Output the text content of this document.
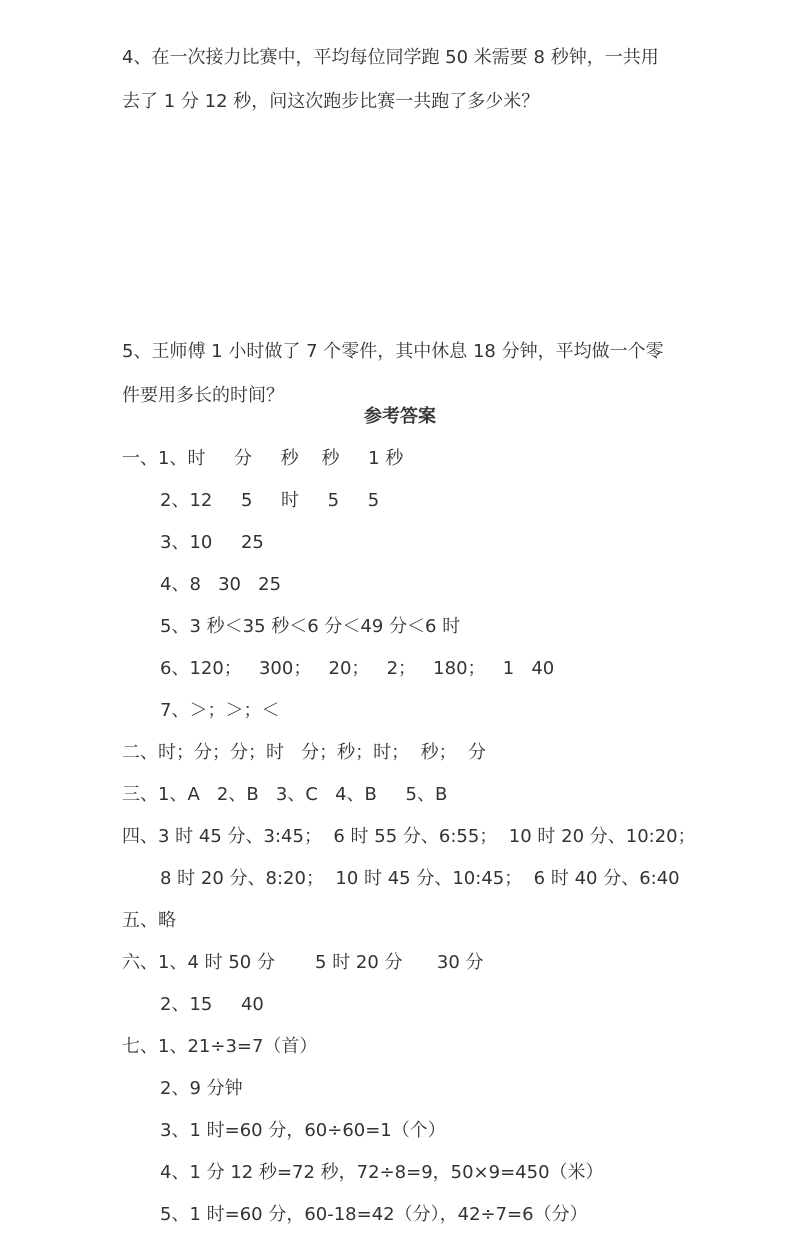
4、在一次接力比赛中，平均每位同学跑 50 米需要 8 秒钟，一共用
去了 1 分 12 秒，问这次跑步比赛一共跑了多少米？
5、王师傅 1 小时做了 7 个零件，其中休息 18 分钟，平均做一个零
件要用多长的时间？
参考答案
一、1、时     分     秒    秒     1 秒
2、12     5     时     5     5
3、10     25
4、8   30   25
5、3 秒＜35 秒＜6 分＜49 分＜6 时
6、120；   300；   20；   2；   180；   1   40
7、＞；＞；＜
二、时；分；分；时   分；秒；时；  秒；  分
三、1、A   2、B   3、C   4、B     5、B
四、3 时 45 分、3:45；  6 时 55 分、6:55；  10 时 20 分、10:20；
8 时 20 分、8:20；  10 时 45 分、10:45；  6 时 40 分、6:40
五、略
六、1、4 时 50 分       5 时 20 分      30 分
2、15     40
七、1、21÷3=7（首）
2、9 分钟
3、1 时=60 分，60÷60=1（个）
4、1 分 12 秒=72 秒，72÷8=9，50×9=450（米）
5、1 时=60 分，60-18=42（分），42÷7=6（分）
